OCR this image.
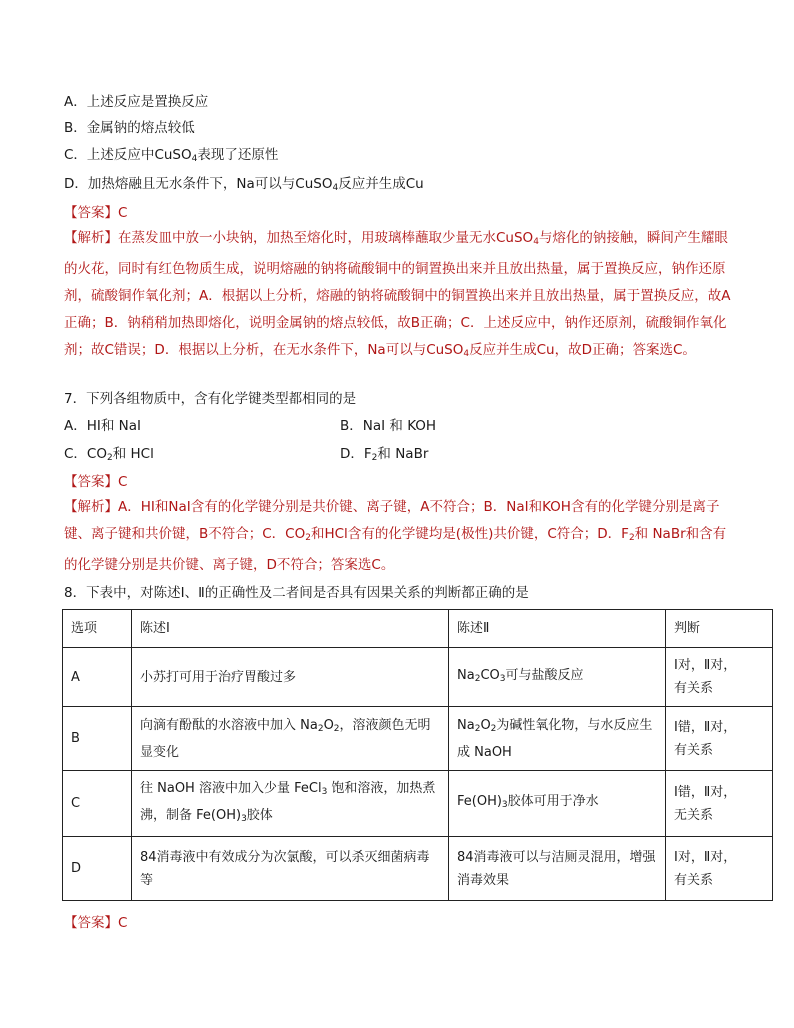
A．上述反应是置换反应
B．金属钠的熔点较低
C．上述反应中CuSO$_4$表现了还原性
D．加热熔融且无水条件下，Na可以与CuSO$_4$反应并生成Cu
【答案】C
【解析】在蒸发皿中放一小块钠，加热至熔化时，用玻璃棒蘸取少量无水CuSO$_4$与熔化的钠接触，瞬间产生耀眼的火花，同时有红色物质生成，说明熔融的钠将硫酸铜中的铜置换出来并且放出热量，属于置换反应，钠作还原剂，硫酸铜作氧化剂；A．根据以上分析，熔融的钠将硫酸铜中的铜置换出来并且放出热量，属于置换反应，故A正确；B．钠稍稍加热即熔化，说明金属钠的熔点较低，故B正确；C．上述反应中，钠作还原剂，硫酸铜作氧化剂；故C错误；D．根据以上分析，在无水条件下，Na可以与CuSO$_4$反应并生成Cu，故D正确；答案选C。
7．下列各组物质中，含有化学键类型都相同的是
A．HI和 NaI	B．NaI 和 KOH
C．$CO_2$和 HCl	D．$F_2$和 NaBr
【答案】C
【解析】A．HI和NaI含有的化学键分别是共价键、离子键，A不符合；B．NaI和KOH含有的化学键分别是离子键、离子键和共价键，B不符合；C．$CO_2$和HCl含有的化学键均是(极性)共价键，C符合；D．$F_2$和 NaBr和含有的化学键分别是共价键、离子键，D不符合；答案选C。
8．下表中，对陈述Ⅰ、Ⅱ的正确性及二者间是否具有因果关系的判断都正确的是
选项	陈述Ⅰ	陈述Ⅱ	判断
A	小苏打可用于治疗胃酸过多	$Na_2CO_3$可与盐酸反应	Ⅰ对，Ⅱ对，
有关系

B	向滴有酚酞的水溶液中加入 $Na_2O_2$，溶液颜色无明显变化	$Na_2O_2$为碱性氧化物，与水反应生成 NaOH	Ⅰ错，Ⅱ对，
有关系

C	往 NaOH 溶液中加入少量 FeCl$_3$ 饱和溶液，加热煮沸，制备 $Fe(OH)_3$胶体	$Fe(OH)_3$胶体可用于净水	Ⅰ错，Ⅱ对，
无关系

D	84消毒液中有效成分为次氯酸，可以杀灭细菌病毒等	84消毒液可以与洁厕灵混用，增强消毒效果	Ⅰ对，Ⅱ对，
有关系
【答案】C
